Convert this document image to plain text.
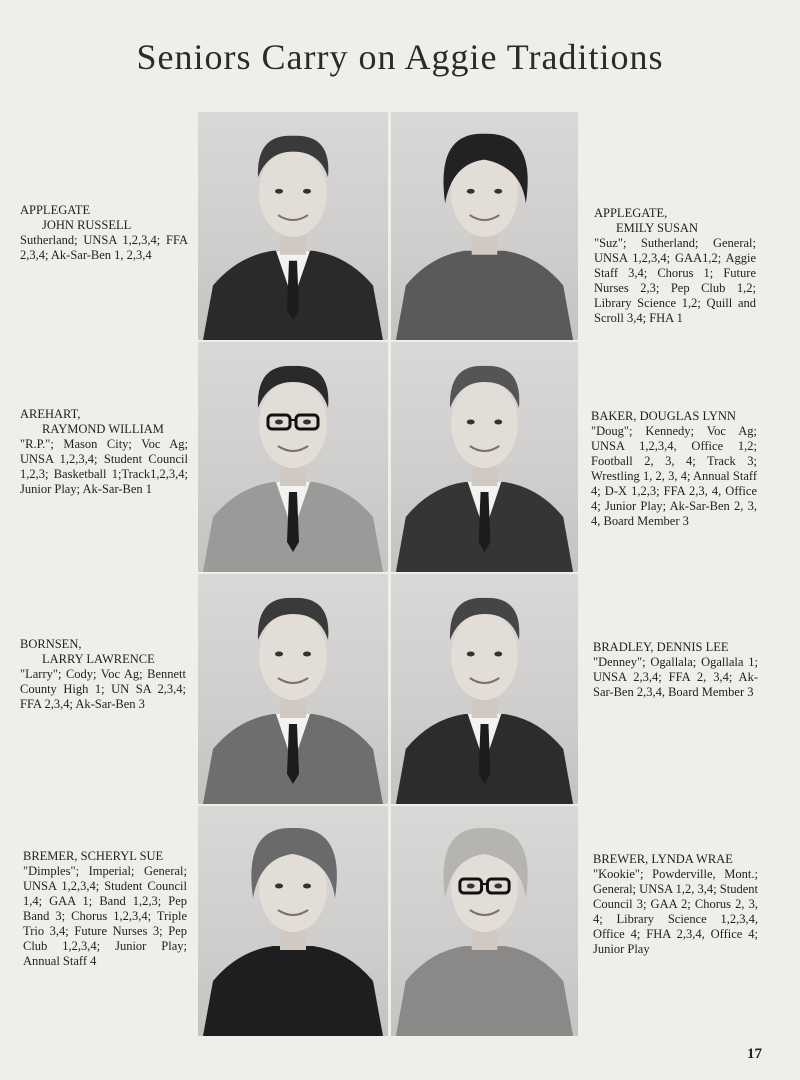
Seniors Carry on Aggie Traditions
APPLEGATE
JOHN RUSSELL
Sutherland; UNSA 1,2,3,4; FFA 2,3,4; Ak-Sar-Ben 1, 2,3,4
APPLEGATE,
EMILY SUSAN
"Suz"; Sutherland; General; UNSA 1,2,3,4; GAA1,2; Aggie Staff 3,4; Chorus 1; Future Nurses 2,3; Pep Club 1,2; Library Science 1,2; Quill and Scroll 3,4; FHA 1
AREHART,
RAYMOND WILLIAM
"R.P."; Mason City; Voc Ag; UNSA 1,2,3,4; Student Council 1,2,3; Basketball 1;Track1,2,3,4; Junior Play; Ak-Sar-Ben 1
BAKER, DOUGLAS LYNN
"Doug"; Kennedy; Voc Ag; UNSA 1,2,3,4, Office 1,2; Football 2, 3, 4; Track 3; Wrestling 1, 2, 3, 4; Annual Staff 4; D-X 1,2,3; FFA 2,3, 4, Office 4; Junior Play; Ak-Sar-Ben 2, 3, 4, Board Member 3
BORNSEN,
LARRY LAWRENCE
"Larry"; Cody; Voc Ag; Bennett County High 1; UN SA 2,3,4; FFA 2,3,4; Ak-Sar-Ben 3
BRADLEY, DENNIS LEE
"Denney"; Ogallala; Ogallala 1; UNSA 2,3,4; FFA 2, 3,4; Ak- Sar-Ben 2,3,4, Board Member 3
BREMER, SCHERYL SUE
"Dimples"; Imperial; General; UNSA 1,2,3,4; Student Council 1,4; GAA 1; Band 1,2,3; Pep Band 3; Chorus 1,2,3,4; Triple Trio 3,4; Future Nurses 3; Pep Club 1,2,3,4; Junior Play; Annual Staff 4
BREWER, LYNDA WRAE
"Kookie"; Powderville, Mont.; General; UNSA 1,2, 3,4; Student Council 3; GAA 2; Chorus 2, 3, 4; Library Science 1,2,3,4, Office 4; FHA 2,3,4, Office 4; Junior Play
17
